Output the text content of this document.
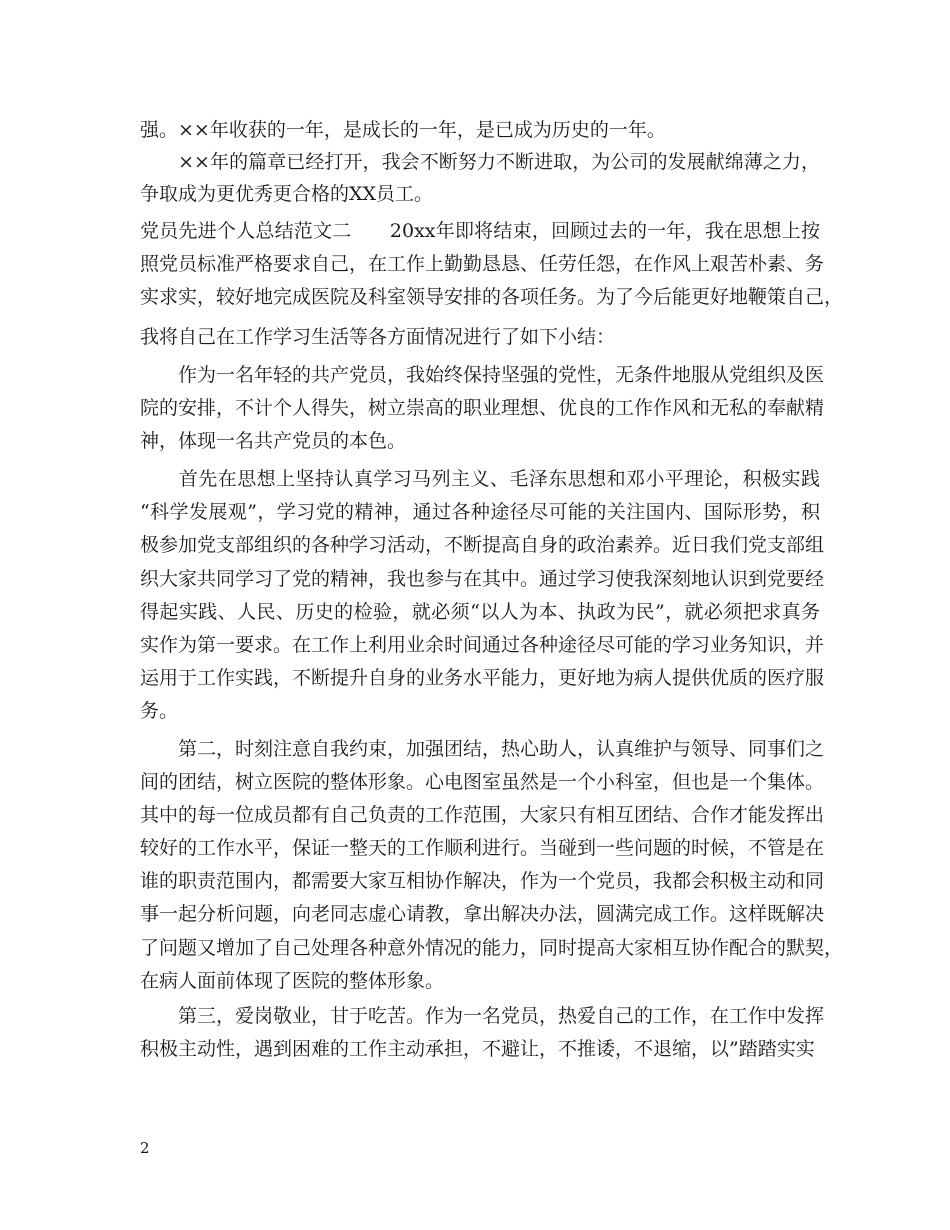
强。××年收获的一年，是成长的一年，是已成为历史的一年。
　　××年的篇章已经打开，我会不断努力不断进取，为公司的发展献绵薄之力，
争取成为更优秀更合格的XX员工。
党员先进个人总结范文二　　20xx年即将结束，回顾过去的一年，我在思想上按
照党员标准严格要求自己，在工作上勤勤恳恳、任劳任怨，在作风上艰苦朴素、务
实求实，较好地完成医院及科室领导安排的各项任务。为了今后能更好地鞭策自己，
我将自己在工作学习生活等各方面情况进行了如下小结：
　　作为一名年轻的共产党员，我始终保持坚强的党性，无条件地服从党组织及医
院的安排，不计个人得失，树立崇高的职业理想、优良的工作作风和无私的奉献精
神，体现一名共产党员的本色。
　　首先在思想上坚持认真学习马列主义、毛泽东思想和邓小平理论，积极实践
“科学发展观”，学习党的精神，通过各种途径尽可能的关注国内、国际形势，积
极参加党支部组织的各种学习活动，不断提高自身的政治素养。近日我们党支部组
织大家共同学习了党的精神，我也参与在其中。通过学习使我深刻地认识到党要经
得起实践、人民、历史的检验，就必须“以人为本、执政为民”，就必须把求真务
实作为第一要求。在工作上利用业余时间通过各种途径尽可能的学习业务知识，并
运用于工作实践，不断提升自身的业务水平能力，更好地为病人提供优质的医疗服
务。
　　第二，时刻注意自我约束，加强团结，热心助人，认真维护与领导、同事们之
间的团结，树立医院的整体形象。心电图室虽然是一个小科室，但也是一个集体。
其中的每一位成员都有自己负责的工作范围，大家只有相互团结、合作才能发挥出
较好的工作水平，保证一整天的工作顺利进行。当碰到一些问题的时候，不管是在
谁的职责范围内，都需要大家互相协作解决，作为一个党员，我都会积极主动和同
事一起分析问题，向老同志虚心请教，拿出解决办法，圆满完成工作。这样既解决
了问题又增加了自己处理各种意外情况的能力，同时提高大家相互协作配合的默契，
在病人面前体现了医院的整体形象。
　　第三，爱岗敬业，甘于吃苦。作为一名党员，热爱自己的工作，在工作中发挥
积极主动性，遇到困难的工作主动承担，不避让，不推诿，不退缩，以”踏踏实实
2
